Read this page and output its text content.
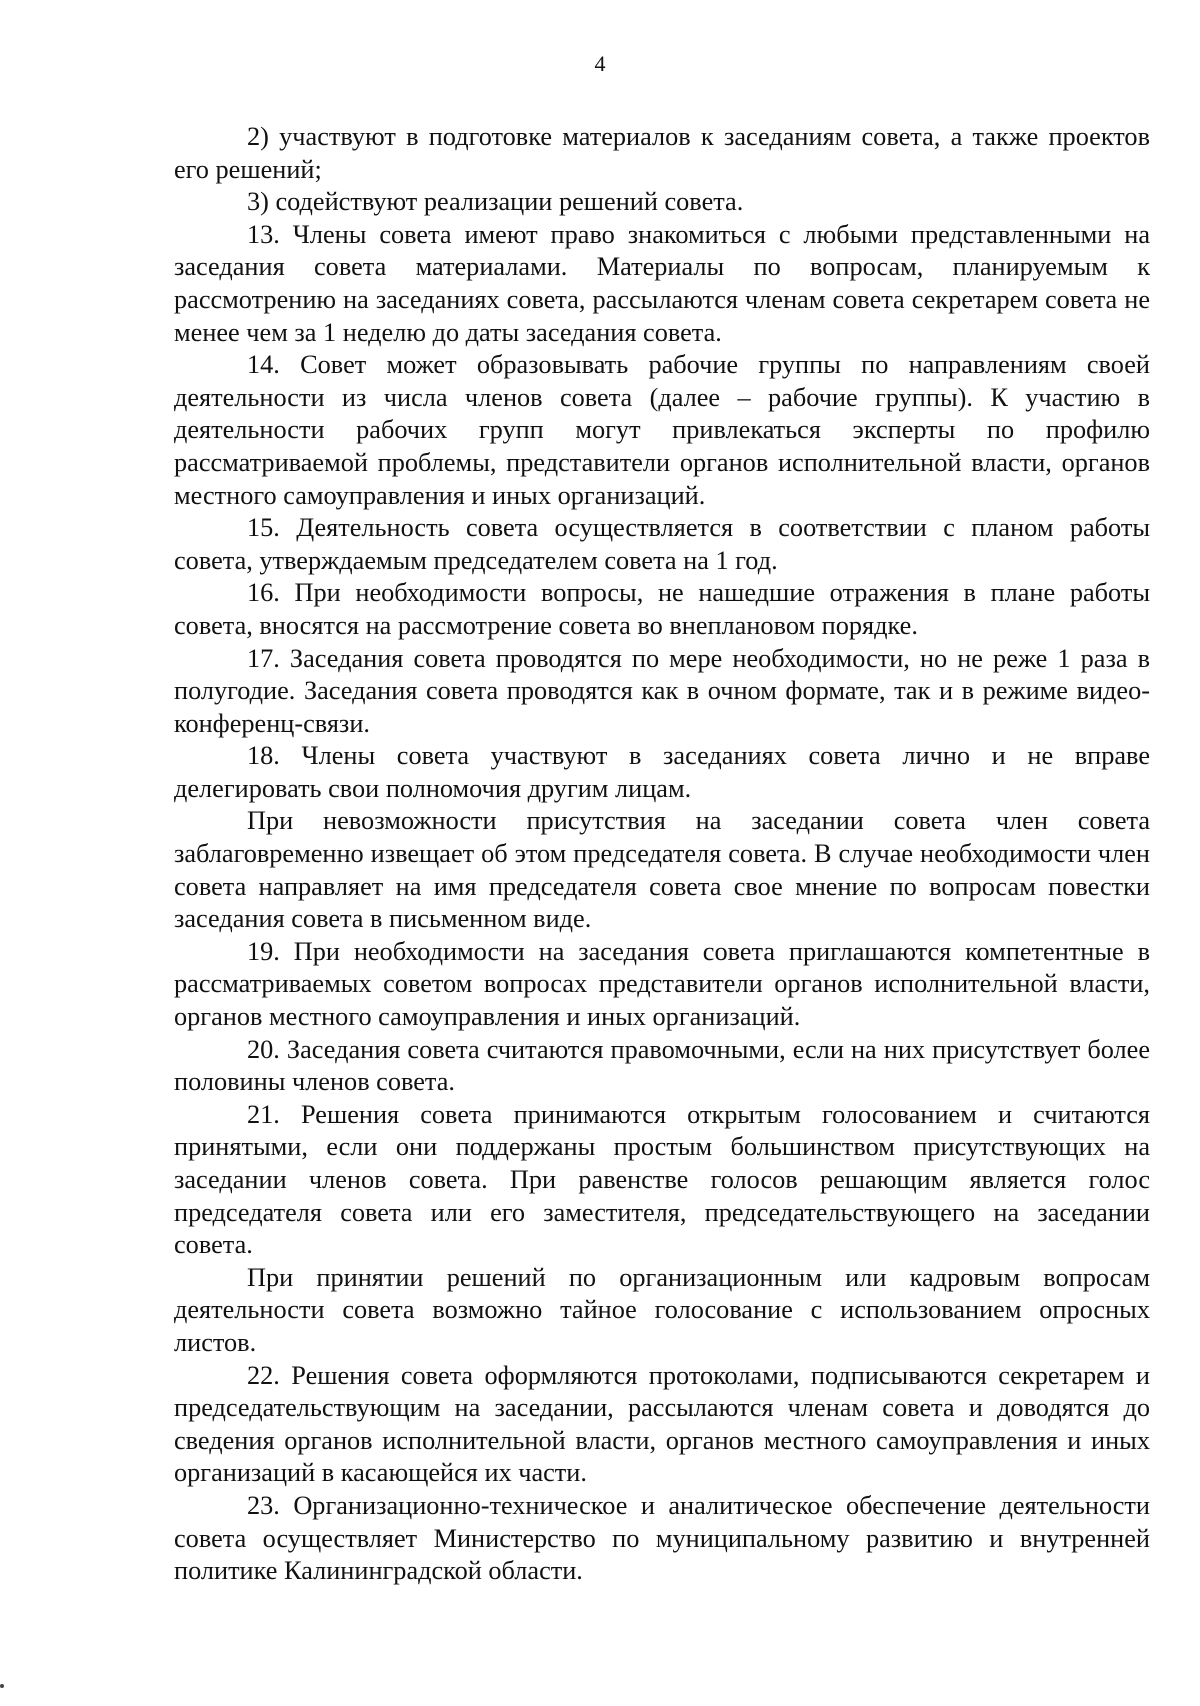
4

2) участвуют в подготовке материалов к заседаниям совета, а также проектов его решений;

3) содействуют реализации решений совета.

13. Члены совета имеют право знакомиться с любыми представленными на заседания совета материалами. Материалы по вопросам, планируемым к рассмотрению на заседаниях совета, рассылаются членам совета секретарем совета не менее чем за 1 неделю до даты заседания совета.

14. Совет может образовывать рабочие группы по направлениям своей деятельности из числа членов совета (далее – рабочие группы). К участию в деятельности рабочих групп могут привлекаться эксперты по профилю рассматриваемой проблемы, представители органов исполнительной власти, органов местного самоуправления и иных организаций.

15. Деятельность совета осуществляется в соответствии с планом работы совета, утверждаемым председателем совета на 1 год.

16. При необходимости вопросы, не нашедшие отражения в плане работы совета, вносятся на рассмотрение совета во внеплановом порядке.

17. Заседания совета проводятся по мере необходимости, но не реже 1 раза в полугодие. Заседания совета проводятся как в очном формате, так и в режиме видео-конференц-связи.

18. Члены совета участвуют в заседаниях совета лично и не вправе делегировать свои полномочия другим лицам.

При невозможности присутствия на заседании совета член совета заблаговременно извещает об этом председателя совета. В случае необходимости член совета направляет на имя председателя совета свое мнение по вопросам повестки заседания совета в письменном виде.

19. При необходимости на заседания совета приглашаются компетентные в рассматриваемых советом вопросах представители органов исполнительной власти, органов местного самоуправления и иных организаций.

20. Заседания совета считаются правомочными, если на них присутствует более половины членов совета.

21. Решения совета принимаются открытым голосованием и считаются принятыми, если они поддержаны простым большинством присутствующих на заседании членов совета. При равенстве голосов решающим является голос председателя совета или его заместителя, председательствующего на заседании совета.

При принятии решений по организационным или кадровым вопросам деятельности совета возможно тайное голосование с использованием опросных листов.

22. Решения совета оформляются протоколами, подписываются секретарем и председательствующим на заседании, рассылаются членам совета и доводятся до сведения органов исполнительной власти, органов местного самоуправления и иных организаций в касающейся их части.

23. Организационно-техническое и аналитическое обеспечение деятельности совета осуществляет Министерство по муниципальному развитию и внутренней политике Калининградской области.
